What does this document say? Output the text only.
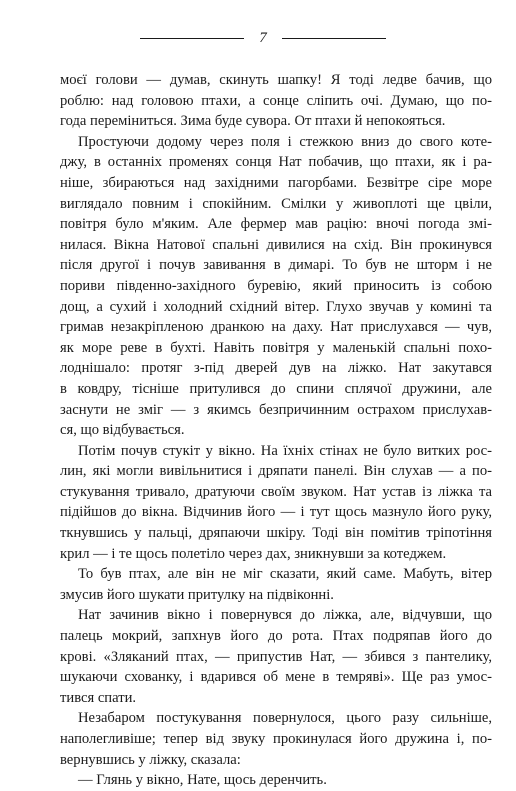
7
моєї голови — думав, скинуть шапку! Я тоді ледве бачив, що
роблю: над головою птахи, а сонце сліпить очі. Думаю, що по-
года переміниться. Зима буде сувора. От птахи й непокояться.
Простуючи додому через поля і стежкою вниз до свого коте-
джу, в останніх променях сонця Нат побачив, що птахи, як і ра-
ніше, збираються над західними пагорбами. Безвітре сіре море
виглядало повним і спокійним. Смілки у живоплоті ще цвіли,
повітря було м'яким. Але фермер мав рацію: вночі погода змі-
нилася. Вікна Натової спальні дивилися на схід. Він прокинувся
після другої і почув завивання в димарі. То був не шторм і не
пориви південно-західного буревію, який приносить із собою
дощ, а сухий і холодний східний вітер. Глухо звучав у комині та
гримав незакріпленою дранкою на даху. Нат прислухався — чув,
як море реве в бухті. Навіть повітря у маленькій спальні похо-
лоднішало: протяг з-під дверей дув на ліжко. Нат закутався
в ковдру, тісніше притулився до спини сплячої дружини, але
заснути не зміг — з якимсь безпричинним острахом прислухав-
ся, що відбувається.
Потім почув стукіт у вікно. На їхніх стінах не було витких рос-
лин, які могли вивільнитися і дряпати панелі. Він слухав — а по-
стукування тривало, дратуючи своїм звуком. Нат устав із ліжка та
підійшов до вікна. Відчинив його — і тут щось мазнуло його руку,
ткнувшись у пальці, дряпаючи шкіру. Тоді він помітив тріпотіння
крил — і те щось полетіло через дах, зникнувши за котеджем.
То був птах, але він не міг сказати, який саме. Мабуть, вітер
змусив його шукати притулку на підвіконні.
Нат зачинив вікно і повернувся до ліжка, але, відчувши, що
палець мокрий, запхнув його до рота. Птах подряпав його до
крові. «Зляканий птах, — припустив Нат, — збився з пантелику,
шукаючи схованку, і вдарився об мене в темряві». Ще раз умос-
тився спати.
Незабаром постукування повернулося, цього разу сильніше,
наполегливіше; тепер від звуку прокинулася його дружина і, по-
вернувшись у ліжку, сказала:
— Глянь у вікно, Нате, щось деренчить.
